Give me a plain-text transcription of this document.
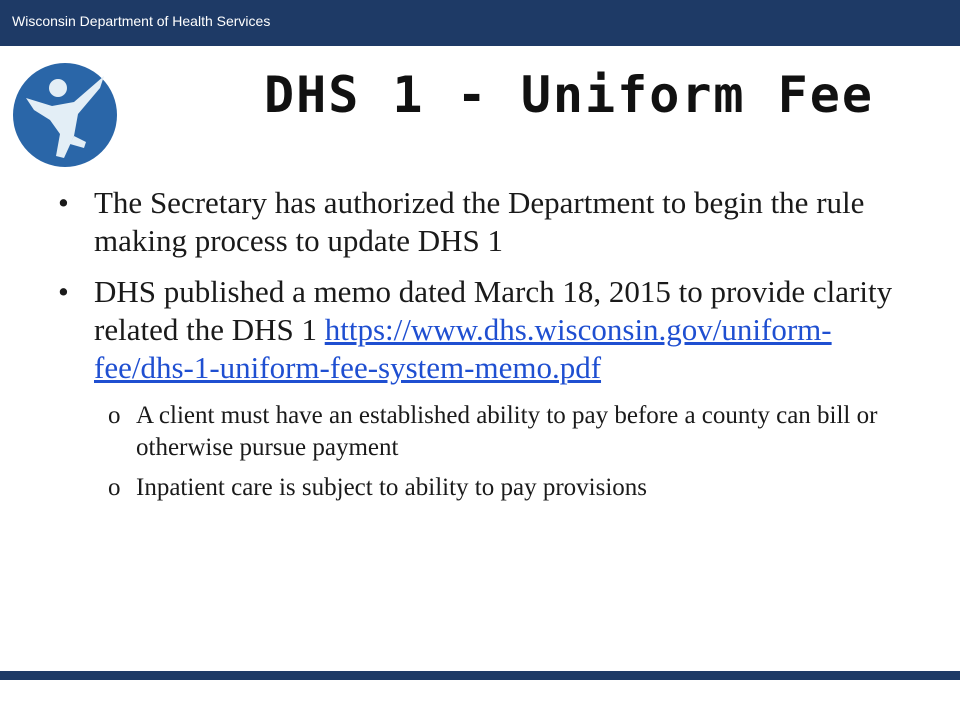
Wisconsin Department of Health Services
DHS 1 - Uniform Fee
• The Secretary has authorized the Department to begin the rule making process to update DHS 1
• DHS published a memo dated March 18, 2015 to provide clarity related the DHS 1 https://www.dhs.wisconsin.gov/uniform-fee/dhs-1-uniform-fee-system-memo.pdf
o A client must have an established ability to pay before a county can bill or otherwise pursue payment
o Inpatient care is subject to ability to pay provisions
